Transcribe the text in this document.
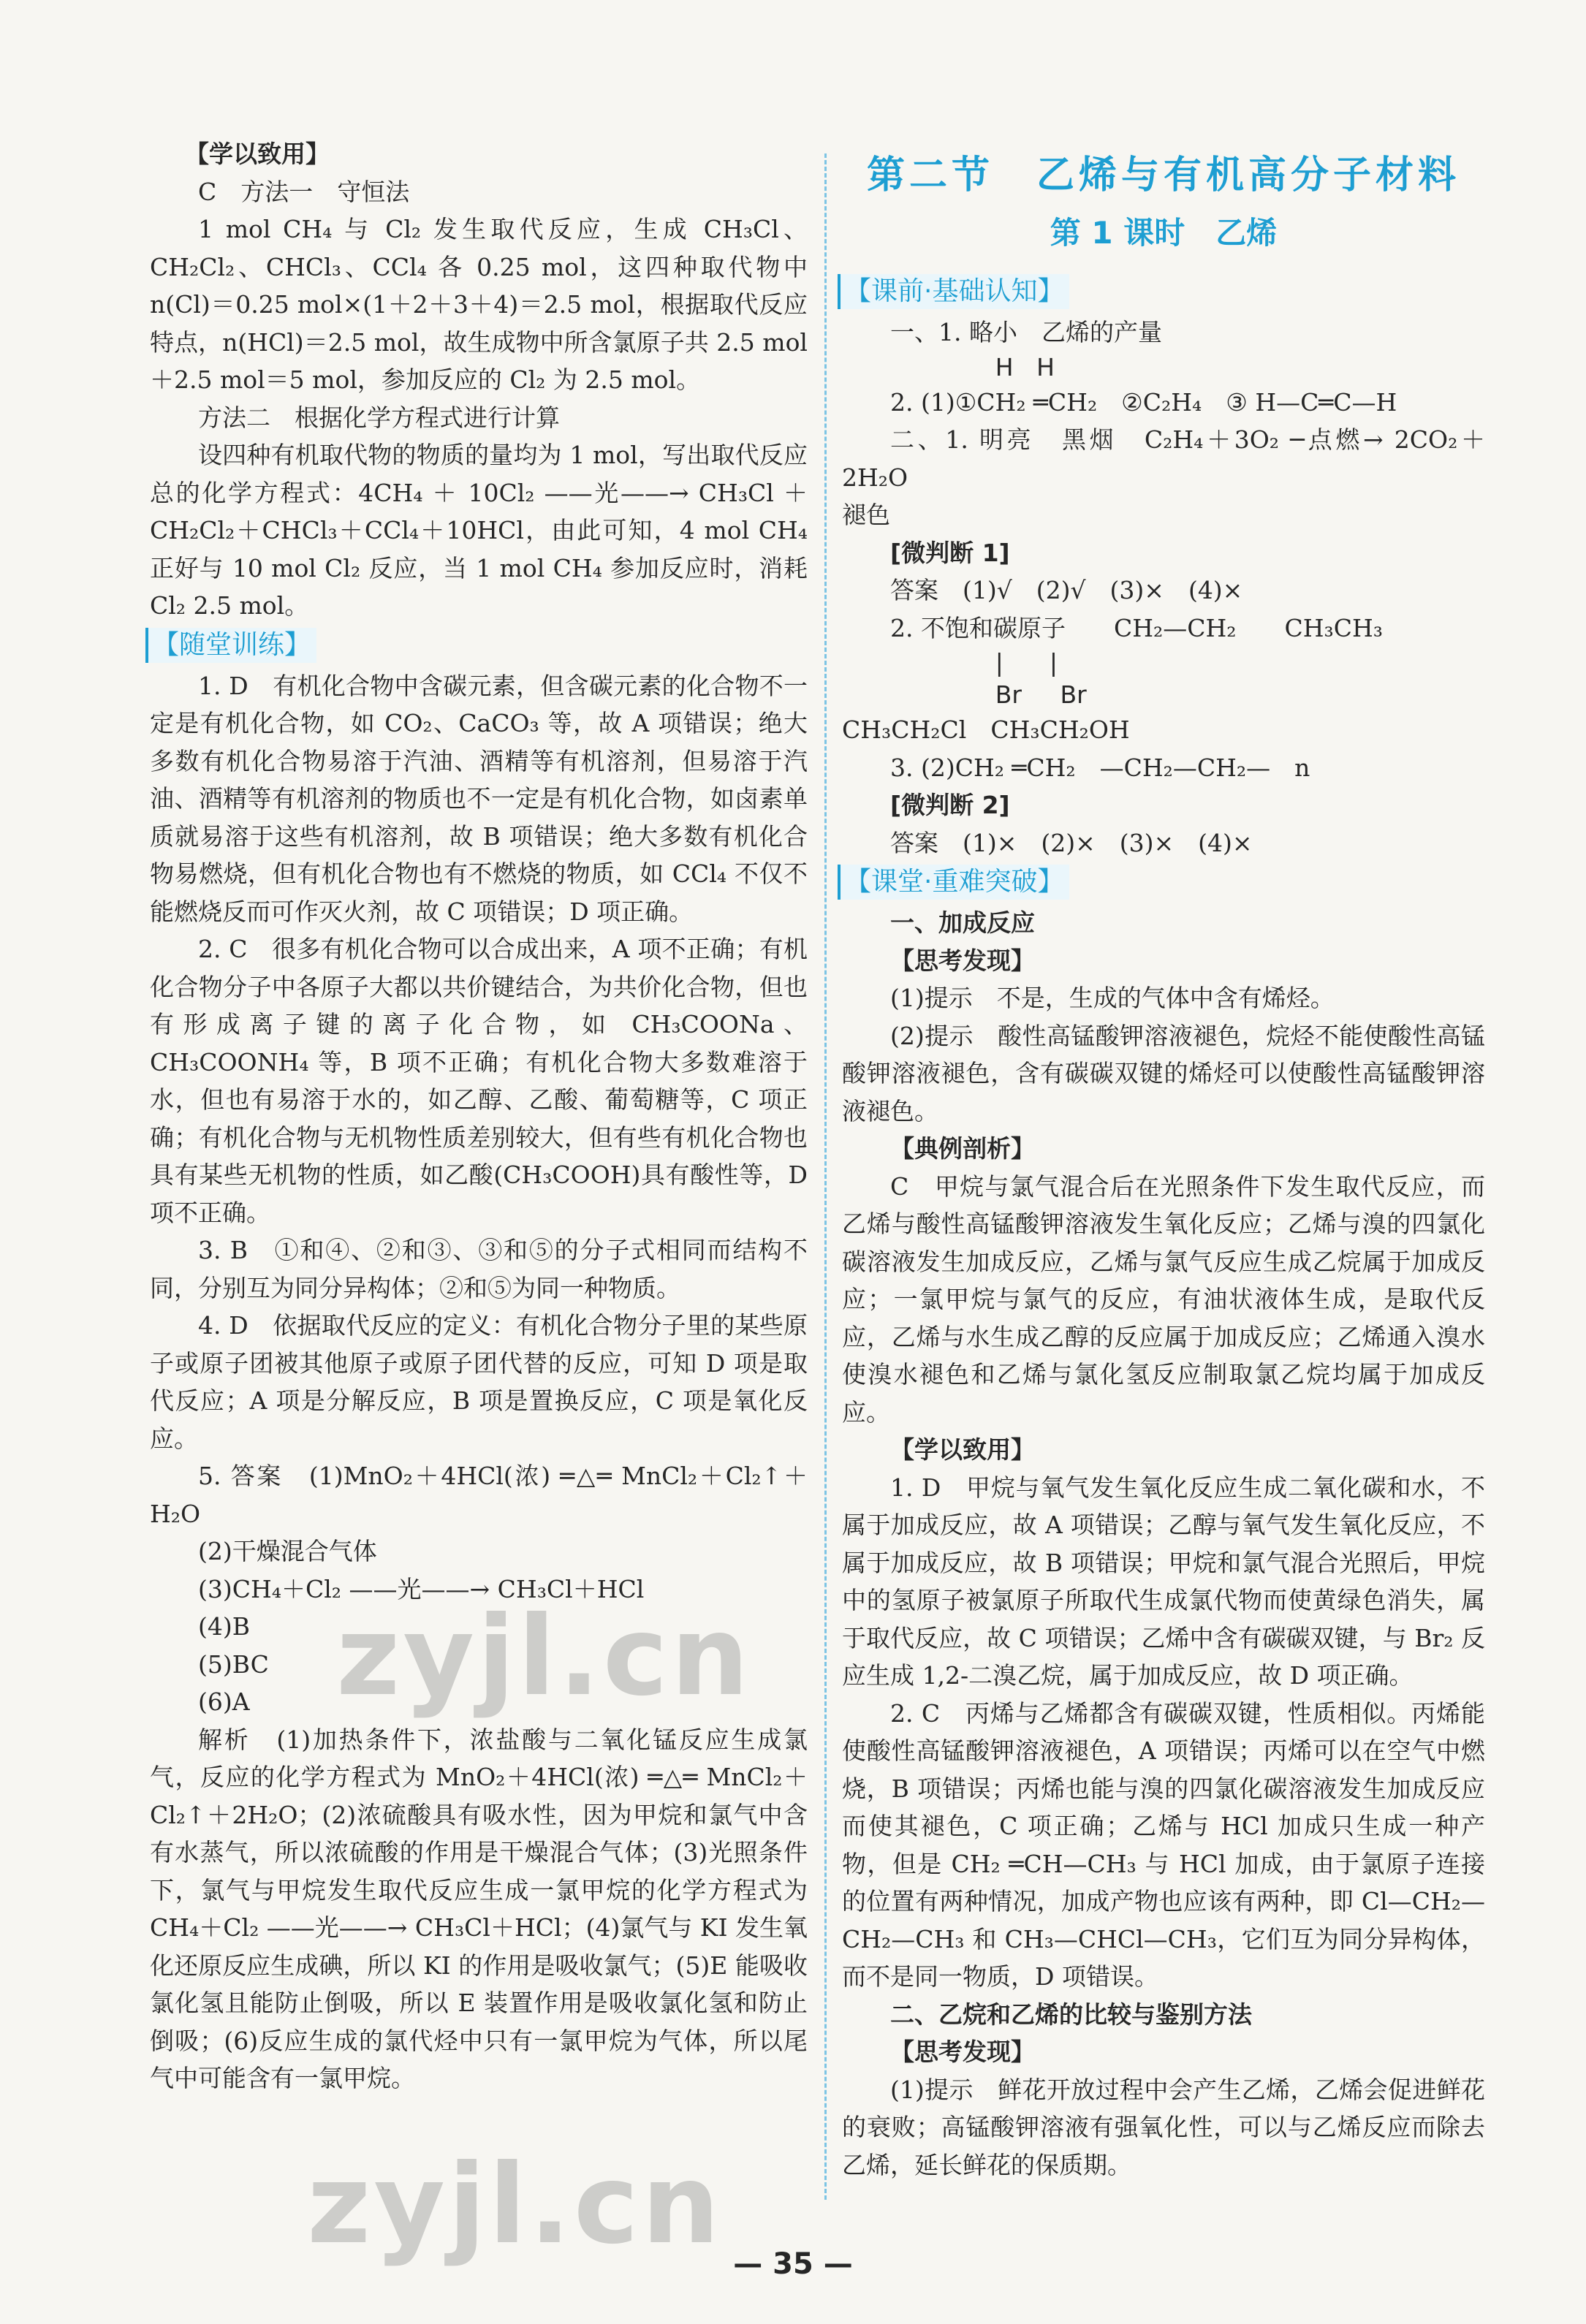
【学以致用】

C　方法一　守恒法

1 mol CH₄ 与 Cl₂ 发生取代反应，生成 CH₃Cl、CH₂Cl₂、CHCl₃、CCl₄ 各 0.25 mol，这四种取代物中 n(Cl)＝0.25 mol×(1＋2＋3＋4)＝2.5 mol，根据取代反应特点，n(HCl)＝2.5 mol，故生成物中所含氯原子共 2.5 mol＋2.5 mol＝5 mol，参加反应的 Cl₂ 为 2.5 mol。

方法二　根据化学方程式进行计算

设四种有机取代物的物质的量均为 1 mol，写出取代反应总的化学方程式：4CH₄ ＋ 10Cl₂ ——光——→ CH₃Cl ＋ CH₂Cl₂＋CHCl₃＋CCl₄＋10HCl，由此可知，4 mol CH₄ 正好与 10 mol Cl₂ 反应，当 1 mol CH₄ 参加反应时，消耗 Cl₂ 2.5 mol。

【随堂训练】

1. D　有机化合物中含碳元素，但含碳元素的化合物不一定是有机化合物，如 CO₂、CaCO₃ 等，故 A 项错误；绝大多数有机化合物易溶于汽油、酒精等有机溶剂，但易溶于汽油、酒精等有机溶剂的物质也不一定是有机化合物，如卤素单质就易溶于这些有机溶剂，故 B 项错误；绝大多数有机化合物易燃烧，但有机化合物也有不燃烧的物质，如 CCl₄ 不仅不能燃烧反而可作灭火剂，故 C 项错误；D 项正确。

2. C　很多有机化合物可以合成出来，A 项不正确；有机化合物分子中各原子大都以共价键结合，为共价化合物，但也有形成离子键的离子化合物，如 CH₃COONa、CH₃COONH₄ 等，B 项不正确；有机化合物大多数难溶于水，但也有易溶于水的，如乙醇、乙酸、葡萄糖等，C 项正确；有机化合物与无机物性质差别较大，但有些有机化合物也具有某些无机物的性质，如乙酸(CH₃COOH)具有酸性等，D 项不正确。

3. B　①和④、②和③、③和⑤的分子式相同而结构不同，分别互为同分异构体；②和⑤为同一种物质。

4. D　依据取代反应的定义：有机化合物分子里的某些原子或原子团被其他原子或原子团代替的反应，可知 D 项是取代反应；A 项是分解反应，B 项是置换反应，C 项是氧化反应。

5. 答案　(1)MnO₂＋4HCl(浓) ═△═ MnCl₂＋Cl₂↑＋H₂O

(2)干燥混合气体

(3)CH₄＋Cl₂ ——光——→ CH₃Cl＋HCl

(4)B

(5)BC

(6)A

解析　(1)加热条件下，浓盐酸与二氧化锰反应生成氯气，反应的化学方程式为 MnO₂＋4HCl(浓) ═△═ MnCl₂＋Cl₂↑＋2H₂O；(2)浓硫酸具有吸水性，因为甲烷和氯气中含有水蒸气，所以浓硫酸的作用是干燥混合气体；(3)光照条件下，氯气与甲烷发生取代反应生成一氯甲烷的化学方程式为 CH₄＋Cl₂ ——光——→ CH₃Cl＋HCl；(4)氯气与 KI 发生氧化还原反应生成碘，所以 KI 的作用是吸收氯气；(5)E 能吸收氯化氢且能防止倒吸，所以 E 装置作用是吸收氯化氢和防止倒吸；(6)反应生成的氯代烃中只有一氯甲烷为气体，所以尾气中可能含有一氯甲烷。

第二节　乙烯与有机高分子材料
第 1 课时　乙烯
【课前·基础认知】

一、1. 略小　乙烯的产量

H   H

2. (1)①CH₂ ═CH₂　②C₂H₄　③ H—C═C—H

二、1. 明亮　黑烟　C₂H₄＋3O₂ ─点燃→ 2CO₂＋2H₂O

褪色

[微判断 1]

答案　(1)√　(2)√　(3)×　(4)×

2. 不饱和碳原子　　CH₂—CH₂　　CH₃CH₃

|      |

Br     Br

CH₃CH₂Cl　CH₃CH₂OH

3. (2)CH₂ ═CH₂　—CH₂—CH₂—　n

[微判断 2]

答案　(1)×　(2)×　(3)×　(4)×

【课堂·重难突破】

一、加成反应

【思考发现】

(1)提示　不是，生成的气体中含有烯烃。

(2)提示　酸性高锰酸钾溶液褪色，烷烃不能使酸性高锰酸钾溶液褪色，含有碳碳双键的烯烃可以使酸性高锰酸钾溶液褪色。

【典例剖析】

C　甲烷与氯气混合后在光照条件下发生取代反应，而乙烯与酸性高锰酸钾溶液发生氧化反应；乙烯与溴的四氯化碳溶液发生加成反应，乙烯与氯气反应生成乙烷属于加成反应；一氯甲烷与氯气的反应，有油状液体生成，是取代反应，乙烯与水生成乙醇的反应属于加成反应；乙烯通入溴水使溴水褪色和乙烯与氯化氢反应制取氯乙烷均属于加成反应。

【学以致用】

1. D　甲烷与氧气发生氧化反应生成二氧化碳和水，不属于加成反应，故 A 项错误；乙醇与氧气发生氧化反应，不属于加成反应，故 B 项错误；甲烷和氯气混合光照后，甲烷中的氢原子被氯原子所取代生成氯代物而使黄绿色消失，属于取代反应，故 C 项错误；乙烯中含有碳碳双键，与 Br₂ 反应生成 1,2-二溴乙烷，属于加成反应，故 D 项正确。

2. C　丙烯与乙烯都含有碳碳双键，性质相似。丙烯能使酸性高锰酸钾溶液褪色，A 项错误；丙烯可以在空气中燃烧，B 项错误；丙烯也能与溴的四氯化碳溶液发生加成反应而使其褪色，C 项正确；乙烯与 HCl 加成只生成一种产物，但是 CH₂ ═CH—CH₃ 与 HCl 加成，由于氯原子连接的位置有两种情况，加成产物也应该有两种，即 Cl—CH₂—CH₂—CH₃ 和 CH₃—CHCl—CH₃，它们互为同分异构体，而不是同一物质，D 项错误。

二、乙烷和乙烯的比较与鉴别方法

【思考发现】

(1)提示　鲜花开放过程中会产生乙烯，乙烯会促进鲜花的衰败；高锰酸钾溶液有强氧化性，可以与乙烯反应而除去乙烯，延长鲜花的保质期。

zyjl.cn
zyjl.cn — 35 —
